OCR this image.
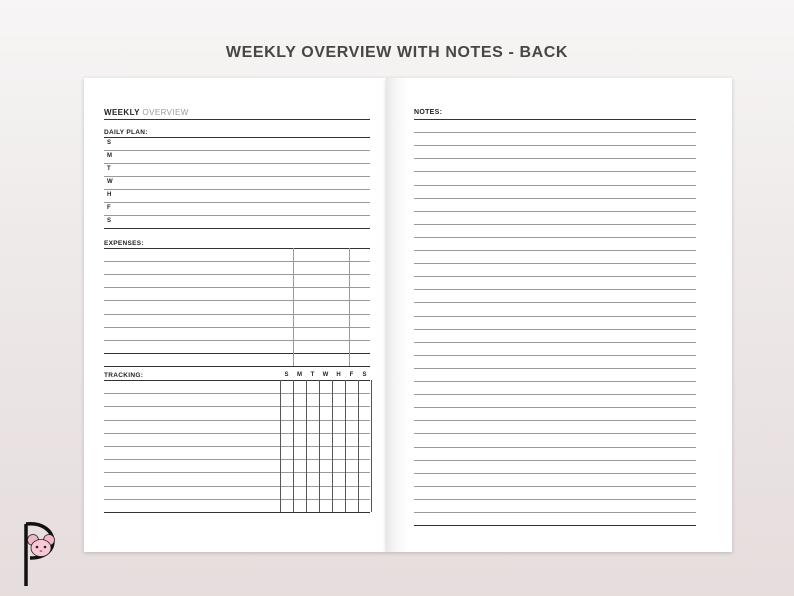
WEEKLY OVERVIEW WITH NOTES - BACK
WEEKLY OVERVIEW
DAILY PLAN:
S
M
T
W
H
F
S
EXPENSES:
TRACKING:	S	M	T	W	H	F	S
NOTES:
